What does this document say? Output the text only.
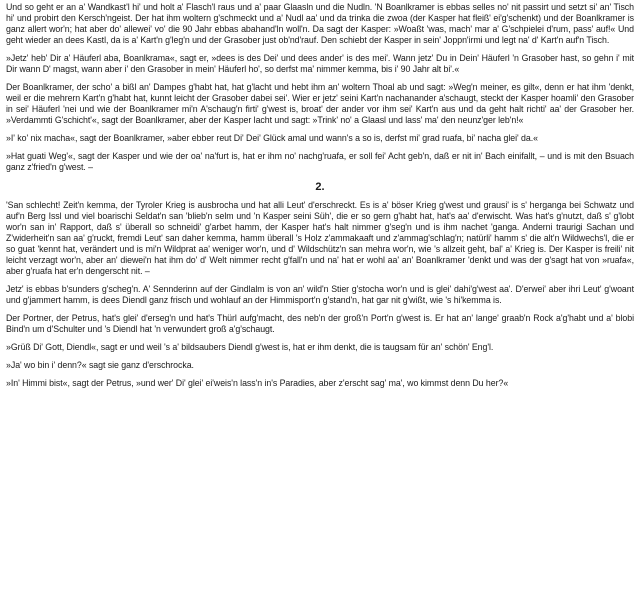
Und so geht er an a' Wandkast'l hi' und holt a' Flasch'l raus und a' paar Glaasln und die Nudln. 'N Boanlkramer is ebbas selles no' nit passirt und setzt si' an' Tisch hi' und probirt den Kersch'ngeist. Der hat ihm woltern g'schmeckt und a' Nudl aa' und da trinka die zwoa (der Kasper hat fleiß' ei'g'schenkt) und der Boanlkramer is ganz allert wor'n; hat aber do' allewei' vo' die 90 Jahr ebbas abahand'ln woll'n. Da sagt der Kasper: »Woaßt 'was, mach' mar a' G'schpielei d'rum, pass' auf!« Und geht wieder an dees Kastl, da is a' Kart'n g'leg'n und der Grasober just ob'nd'rauf. Den schiebt der Kasper in sein' Joppn'irmi und legt na' d' Kart'n auf'n Tisch.

»Jetz' heb' Dir a' Häuferl aba, Boanlkrama«, sagt er, »dees is des Dei' und dees ander' is des mei'. Wann jetz' Du in Dein' Häuferl 'n Grasober hast, so gehn i' mit Dir wann D' magst, wann aber i' den Grasober in mein' Häuferl ho', so derfst ma' nimmer kemma, bis i' 90 Jahr alt bi'.«

Der Boanlkramer, der scho' a bißl an' Dampes g'habt hat, hat g'lacht und hebt ihm an' woltern Thoal ab und sagt: »Weg'n meiner, es gilt«, denn er hat ihm 'denkt, weil er die mehrern Kart'n g'habt hat, kunnt leicht der Grasober dabei sei'. Wier er jetz' seini Kart'n nachanander a'schaugt, steckt der Kasper hoamli' den Grasober in sei' Häuferl 'nei und wie der Boanlkramer mi'n A'schaug'n firti' g'west is, broat' der ander vor ihm sei' Kart'n aus und da geht halt richti' aa' der Grasober her. »Verdammti G'schicht'«, sagt der Boanlkramer, aber der Kasper lacht und sagt: »Trink' no' a Glaasl und lass' ma' den neunz'ger leb'n!«

»I' ko' nix macha«, sagt der Boanlkramer, »aber ebber reut Di' Dei' Glück amal und wann's a so is, derfst mi' grad ruafa, bi' nacha glei' da.«

»Hat guati Weg'«, sagt der Kasper und wie der oa' na'furt is, hat er ihm no' nachg'ruafa, er soll fei' Acht geb'n, daß er nit in' Bach einifallt, – und is mit den Bsuach ganz z'fried'n g'west. –

2.

'San schlecht! Zeit'n kemma, der Tyroler Krieg is ausbrocha und hat alli Leut' d'erschreckt. Es is a' böser Krieg g'west und grausi' is s' herganga bei Schwatz und auf'n Berg Issl und viel boarischi Seldat'n san 'blieb'n selm und 'n Kasper seini Süh', die er so gern g'habt hat, hat's aa' d'erwischt. Was hat's g'nutzt, daß s' g'lobt wor'n san in' Rapport, daß s' überall so schneidi' g'arbet hamm, der Kasper hat's halt nimmer g'seg'n und is ihm nachet 'ganga. Anderni traurigi Sachan und Z'widerheit'n san aa' g'ruckt, fremdi Leut' san daher kemma, hamm überall 's Holz z'ammakaaft und z'ammag'schlag'n; natürli' hamm s' die alt'n Wildwechs'l, die er so guat 'kennt hat, verändert und is mi'n Wildprat aa' weniger wor'n, und d' Wildschütz'n san mehra wor'n, wie 's allzeit geht, bal' a' Krieg is. Der Kasper is freili' nit leicht verzagt wor'n, aber an' diewei'n hat ihm do' d' Welt nimmer recht g'fall'n und na' hat er wohl aa' an' Boanlkramer 'denkt und was der g'sagt hat von »ruafa«, aber g'ruafa hat er'n dengerscht nit. –

Jetz' is ebbas b'sunders g'scheg'n. A' Sennderinn auf der Gindlalm is von an' wild'n Stier g'stocha wor'n und is glei' dahi'g'west aa'. D'erwei' aber ihri Leut' g'woant und g'jammert hamm, is dees Diendl ganz frisch und wohlauf an der Himmisport'n g'stand'n, hat gar nit g'wißt, wie 's hi'kemma is.

Der Portner, der Petrus, hat's glei' d'erseg'n und hat's Thürl aufg'macht, des neb'n der groß'n Port'n g'west is. Er hat an' lange' graab'n Rock a'g'habt und a' blobi Bind'n um d'Schulter und 's Diendl hat 'n verwundert groß a'g'schaugt.

»Grüß Di' Gott, Diendl«, sagt er und weil 's a' bildsaubers Diendl g'west is, hat er ihm denkt, die is taugsam für an' schön' Eng'l.

»Ja' wo bin i' denn?« sagt sie ganz d'erschrocka.

»In' Himmi bist«, sagt der Petrus, »und wer' Di' glei' ei'weis'n lass'n in's Paradies, aber z'erscht sag' ma', wo kimmst denn Du her?«
